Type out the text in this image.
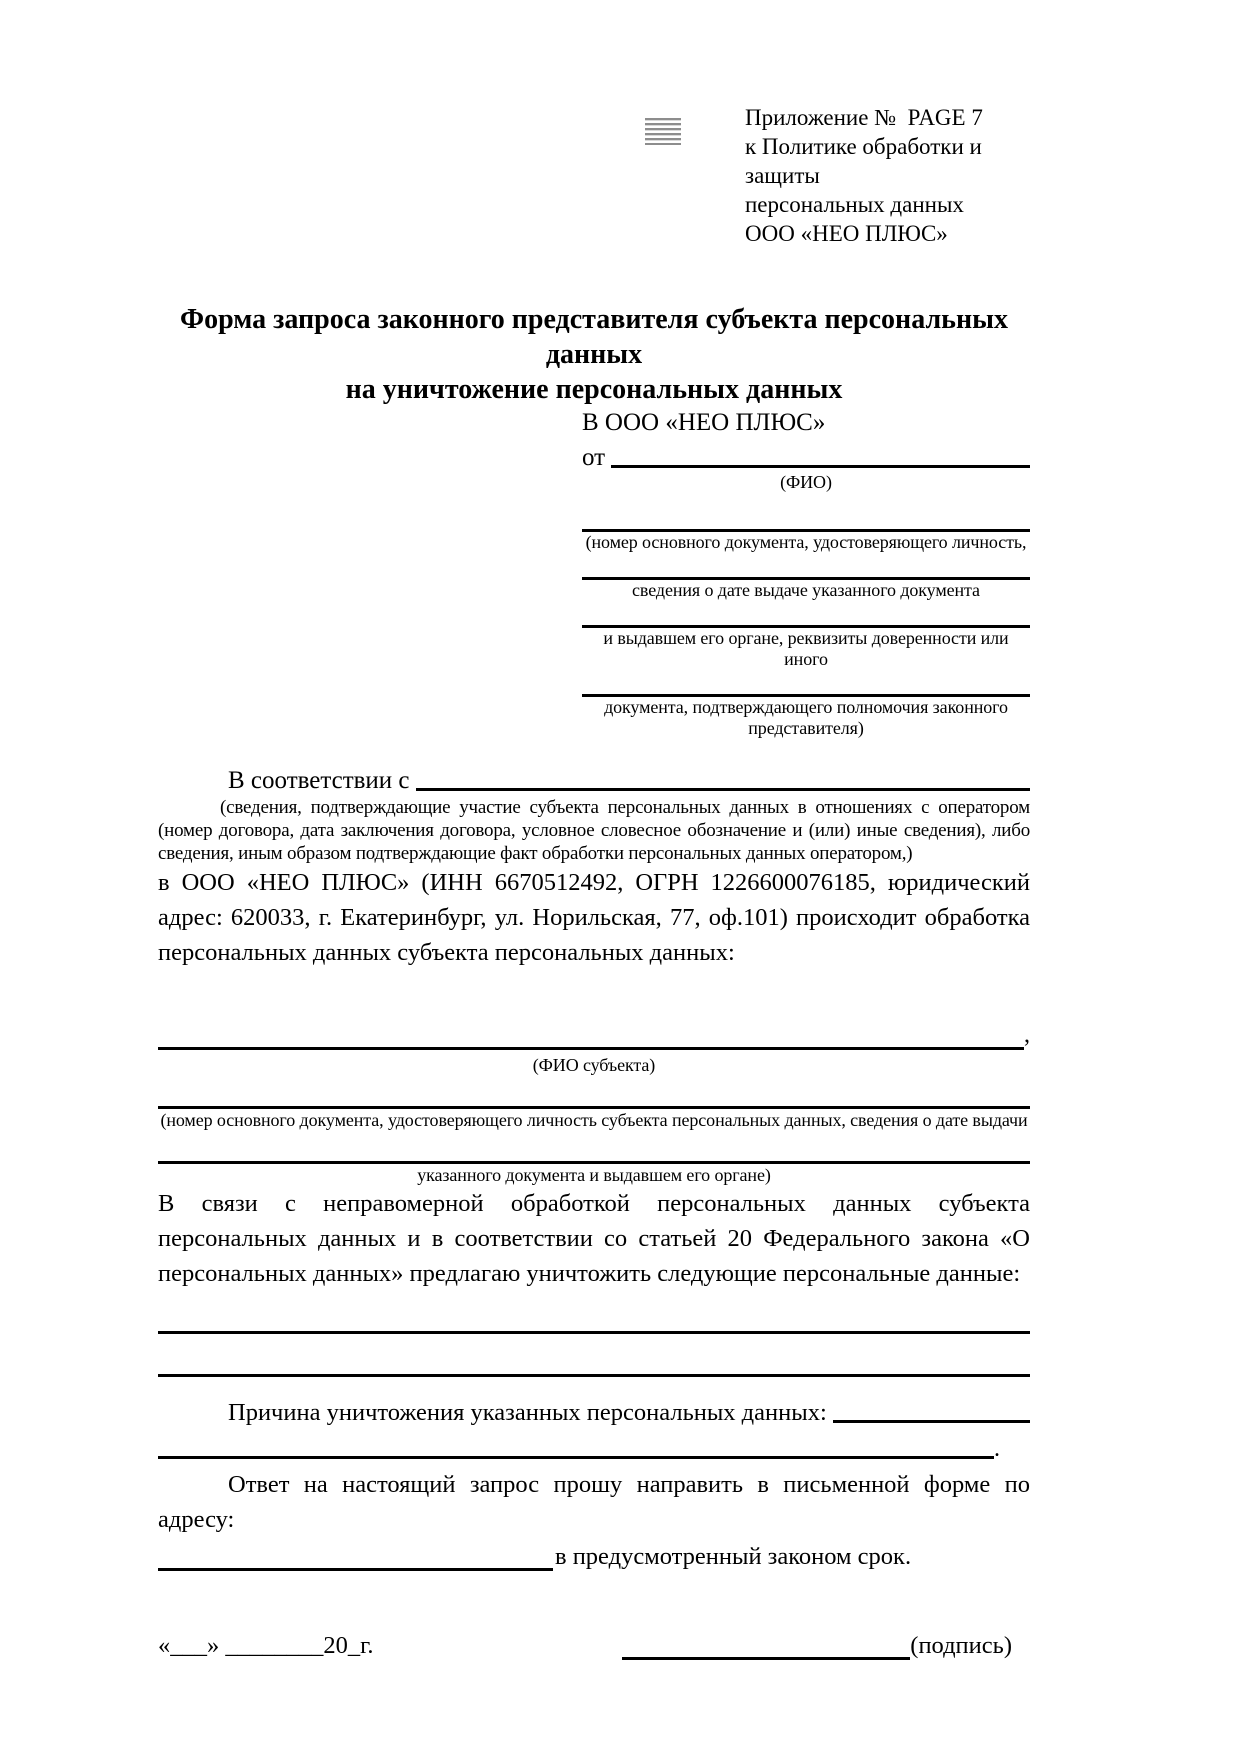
Приложение №  PAGE 7
к Политике обработки и защиты
персональных данных
ООО «НЕО ПЛЮС»
Форма запроса законного представителя субъекта персональных данных
на уничтожение персональных данных
В ООО «НЕО ПЛЮС»
от
(ФИО)
(номер основного документа, удостоверяющего личность,
сведения о дате выдаче указанного документа
и выдавшем его органе, реквизиты доверенности или иного
документа, подтверждающего полномочия законного представителя)
В соответствии с
(сведения, подтверждающие участие субъекта персональных данных в отношениях с оператором (номер договора, дата заключения договора, условное словесное обозначение и (или) иные сведения), либо сведения, иным образом подтверждающие факт обработки персональных данных оператором,)

в ООО «НЕО ПЛЮС» (ИНН 6670512492, ОГРН 1226600076185, юридический адрес: 620033, г. Екатеринбург, ул. Норильская, 77, оф.101) происходит обработка персональных данных субъекта персональных данных:

,
(ФИО субъекта)
(номер основного документа, удостоверяющего личность субъекта персональных данных, сведения о дате выдачи
указанного документа и выдавшем его органе)

В связи с неправомерной обработкой персональных данных субъекта персональных данных и в соответствии со статьей 20 Федерального закона «О персональных данных» предлагаю уничтожить следующие персональные данные:

Причина уничтожения указанных персональных данных:
.

Ответ на настоящий запрос прошу направить в письменной форме по адресу:

в предусмотренный законом срок.
«___» ________20_г.	(подпись)
